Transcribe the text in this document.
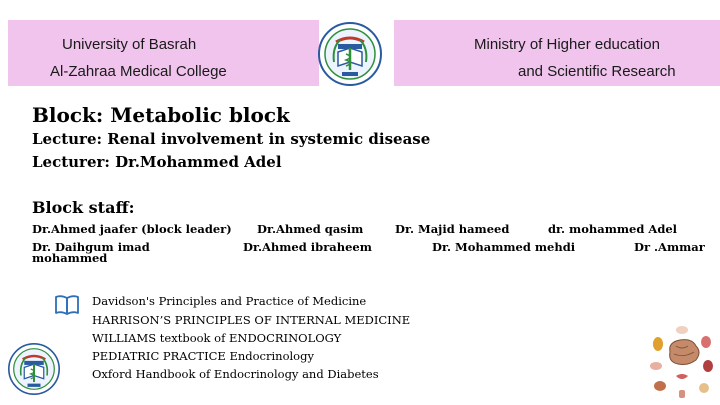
University of Basrah
Al-Zahraa Medical College
Ministry of Higher education
and Scientific Research
Block: Metabolic block
Lecture: Renal involvement in systemic disease
Lecturer: Dr.Mohammed Adel
Block staff:
Dr.Ahmed jaafer (block leader) Dr.Ahmed qasim	Dr. Majid hameed	dr. mohammed Adel
Dr. Daihgum imad	Dr.Ahmed ibraheem	Dr. Mohammed mehdi	Dr .Ammar
mohammed
Davidson's Principles and Practice of Medicine
HARRISON’S PRINCIPLES OF INTERNAL MEDICINE
WILLIAMS textbook of ENDOCRINOLOGY
PEDIATRIC PRACTICE Endocrinology
Oxford Handbook of Endocrinology and Diabetes
